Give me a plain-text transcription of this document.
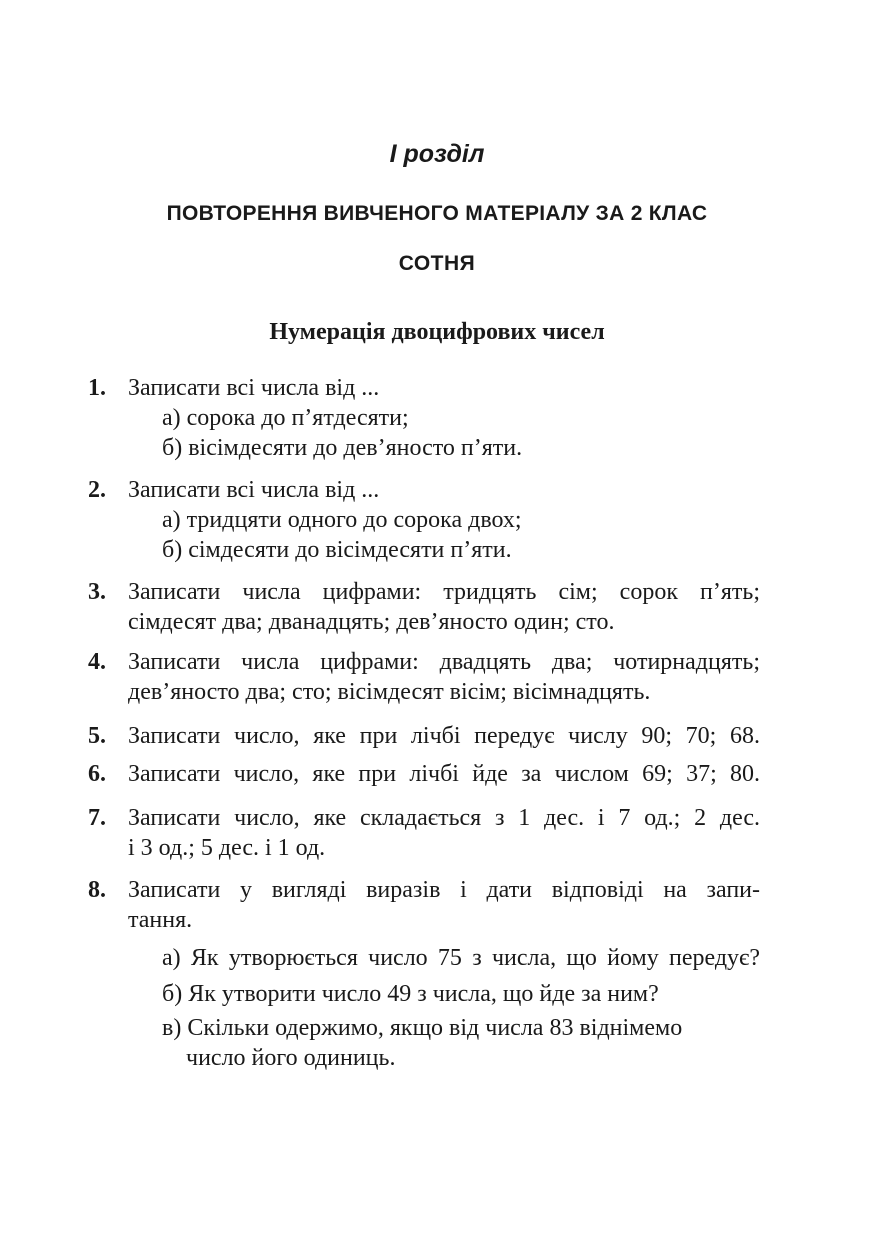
І розділ
ПОВТОРЕННЯ ВИВЧЕНОГО МАТЕРІАЛУ ЗА 2 КЛАС
СОТНЯ
Нумерація двоцифрових чисел
1. Записати всі числа від ...
а) сорока до п’ятдесяти;
б) вісімдесяти до дев’яносто п’яти.
2. Записати всі числа від ...
а) тридцяти одного до сорока двох;
б) сімдесяти до вісімдесяти п’яти.
3. Записати числа цифрами: тридцять сім; сорок п’ять;
сімдесят два; дванадцять; дев’яносто один; сто.
4. Записати числа цифрами: двадцять два; чотирнадцять;
дев’яносто два; сто; вісімдесят вісім; вісімнадцять.
5. Записати число, яке при лічбі передує числу 90; 70; 68.
6. Записати число, яке при лічбі йде за числом 69; 37; 80.
7. Записати число, яке складається з 1 дес. і 7 од.; 2 дес.
і 3 од.; 5 дес. і 1 од.
8. Записати у вигляді виразів і дати відповіді на запи-
тання.
а) Як утворюється число 75 з числа, що йому передує?
б) Як утворити число 49 з числа, що йде за ним?
в) Скільки одержимо, якщо від числа 83 віднімемо
число його одиниць.
